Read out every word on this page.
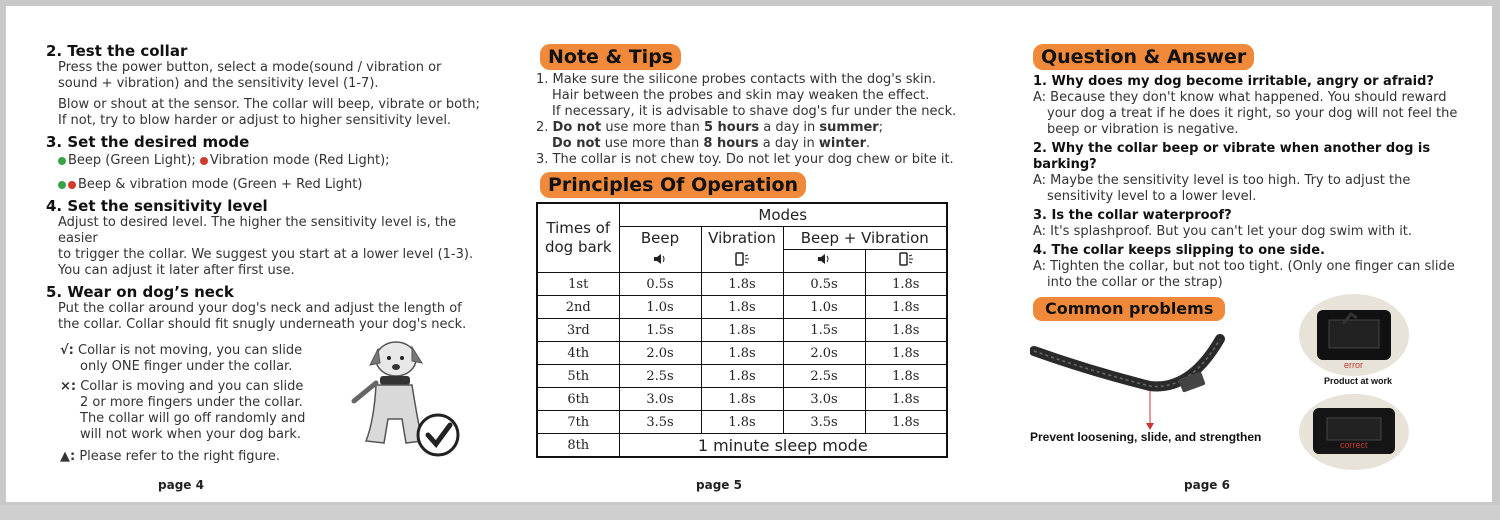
2. Test the collar
Press the power button, select a mode(sound / vibration or
sound + vibration) and the sensitivity level (1-7).
Blow or shout at the sensor. The collar will beep, vibrate or both;
If not, try to blow harder or adjust to higher sensitivity level.
3. Set the desired mode
Beep (Green Light); Vibration mode (Red Light);
Beep & vibration mode (Green + Red Light)
4. Set the sensitivity level
Adjust to desired level. The higher the sensitivity level is, the easier
to trigger the collar. We suggest you start at a lower level (1-3).
You can adjust it later after first use.
5. Wear on dog’s neck
Put the collar around your dog's neck and adjust the length of
the collar. Collar should fit snugly underneath your dog's neck.
√: Collar is not moving, you can slide
only ONE finger under the collar.
×: Collar is moving and you can slide
2 or more fingers under the collar.
The collar will go off randomly and
will not work when your dog bark.
▲: Please refer to the right figure.
page 4
Note & Tips
1. Make sure the silicone probes contacts with the dog's skin.
Hair between the probes and skin may weaken the effect.
If necessary, it is advisable to shave dog's fur under the neck.
2. Do not use more than 5 hours a day in summer;
Do not use more than 8 hours a day in winter.
3. The collar is not chew toy. Do not let your dog chew or bite it.
Principles Of Operation
Times of dog bark	Modes			
	Beep	Vibration	Beep + Vibration	

1st	0.5s	1.8s	0.5s	1.8s
2nd	1.0s	1.8s	1.0s	1.8s
3rd	1.5s	1.8s	1.5s	1.8s
4th	2.0s	1.8s	2.0s	1.8s
5th	2.5s	1.8s	2.5s	1.8s
6th	3.0s	1.8s	3.0s	1.8s
7th	3.5s	1.8s	3.5s	1.8s
8th	1 minute sleep mode			
page 5
Question & Answer
1. Why does my dog become irritable, angry or afraid?
A: Because they don't know what happened. You should reward your dog a treat if he does it right, so your dog will not feel the beep or vibration is negative.
2. Why the collar beep or vibrate when another dog is barking?
A: Maybe the sensitivity level is too high. Try to adjust the sensitivity level to a lower level.
3. Is the collar waterproof?
A: It's splashproof. But you can't let your dog swim with it.
4. The collar keeps slipping to one side.
A: Tighten the collar, but not too tight. (Only one finger can slide into the collar or the strap)
Common problems
Prevent loosening, slide, and strengthen
error
Product at work
correct
page 6
